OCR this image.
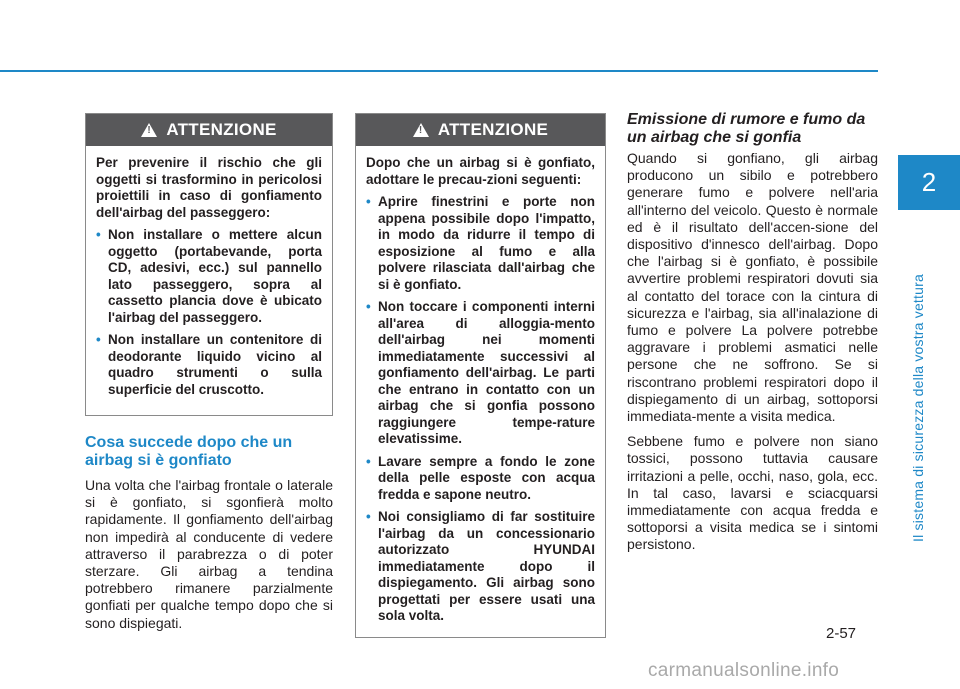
2
Il sistema di sicurezza della vostra vettura
!
ATTENZIONE

Per prevenire il rischio che gli oggetti si trasformino in pericolosi proiettili in caso di gonfiamento dell'airbag del passeggero:

• Non installare o mettere alcun oggetto (portabevande, porta CD, adesivi, ecc.) sul pannello lato passeggero, sopra al cassetto plancia dove è ubicato l'airbag del passeggero.
• Non installare un contenitore di deodorante liquido vicino al quadro strumenti o sulla superficie del cruscotto.
!
ATTENZIONE

Dopo che un airbag si è gonfiato, adottare le precau-zioni seguenti:

• Aprire finestrini e porte non appena possibile dopo l'impatto, in modo da ridurre il tempo di esposizione al fumo e alla polvere rilasciata dall'airbag che si è gonfiato.
• Non toccare i componenti interni all'area di alloggia-mento dell'airbag nei momenti immediatamente successivi al gonfiamento dell'airbag. Le parti che entrano in contatto con un airbag che si gonfia possono raggiungere tempe-rature elevatissime.
• Lavare sempre a fondo le zone della pelle esposte con acqua fredda e sapone neutro.
• Noi consigliamo di far sostituire l'airbag da un concessionario autorizzato HYUNDAI immediatamente dopo il dispiegamento. Gli airbag sono progettati per essere usati una sola volta.
Cosa succede dopo che un airbag si è gonfiato

Una volta che l'airbag frontale o laterale si è gonfiato, si sgonfierà molto rapidamente. Il gonfiamento dell'airbag non impedirà al conducente di vedere attraverso il parabrezza o di poter sterzare. Gli airbag a tendina potrebbero rimanere parzialmente gonfiati per qualche tempo dopo che si sono dispiegati.

Emissione di rumore e fumo da un airbag che si gonfia

Quando si gonfiano, gli airbag producono un sibilo e potrebbero generare fumo e polvere nell'aria all'interno del veicolo. Questo è normale ed è il risultato dell'accen-sione del dispositivo d'innesco dell'airbag. Dopo che l'airbag si è gonfiato, è possibile avvertire problemi respiratori dovuti sia al contatto del torace con la cintura di sicurezza e l'airbag, sia all'inalazione di fumo e polvere La polvere potrebbe aggravare i problemi asmatici nelle persone che ne soffrono. Se si riscontrano problemi respiratori dopo il dispiegamento di un airbag, sottoporsi immediata-mente a visita medica.

Sebbene fumo e polvere non siano tossici, possono tuttavia causare irritazioni a pelle, occhi, naso, gola, ecc. In tal caso, lavarsi e sciacquarsi immediatamente con acqua fredda e sottoporsi a visita medica se i sintomi persistono.

2-57
carmanualsonline.info
